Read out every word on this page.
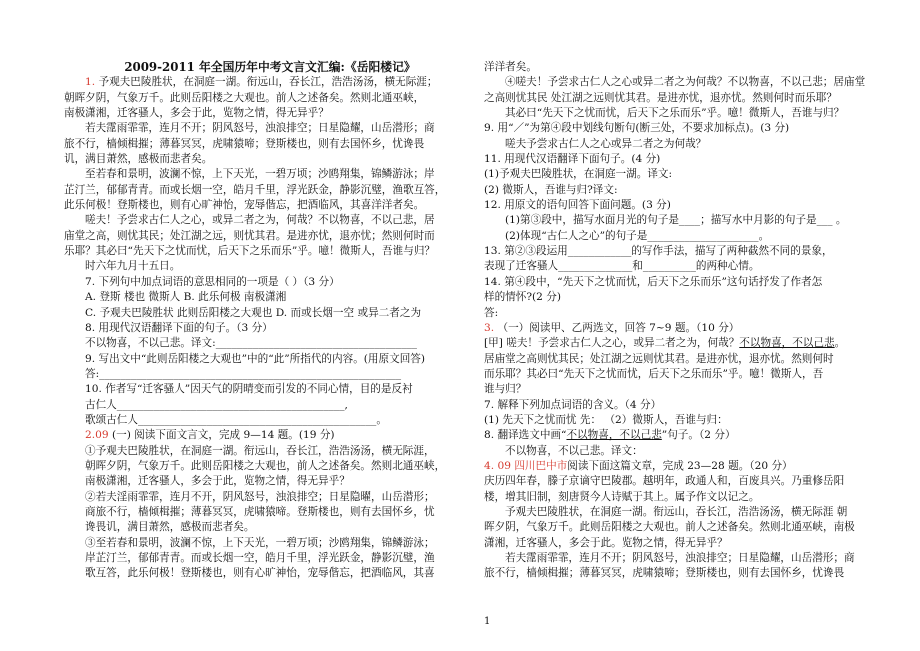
2009-2011 年全国历年中考文言文汇编:《岳阳楼记》
1. 予观夫巴陵胜状，在洞庭一湖。衔远山，吞长江，浩浩汤汤，横无际涯；
朝晖夕阴，气象万千。此则岳阳楼之大观也。前人之述备矣。然则北通巫峡，
南极潇湘，迁客骚人，多会于此，览物之情，得无异乎？
若夫霪雨霏霏，连月不开；阴风怒号，浊浪排空；日星隐耀，山岳潜形；商
旅不行，樯倾楫摧；薄暮冥冥，虎啸猿啼；登斯楼也，则有去国怀乡，忧谗畏
讥，满目萧然，感极而悲者矣。
至若春和景明，波澜不惊，上下天光，一碧万顷；沙鸥翔集，锦鳞游泳；岸
芷汀兰，郁郁青青。而或长烟一空，皓月千里，浮光跃金，静影沉璧，渔歌互答，
此乐何极！登斯楼也，则有心旷神怡，宠辱偕忘，把酒临风，其喜洋洋者矣。
嗟夫！予尝求古仁人之心，或异二者之为，何哉？不以物喜，不以己悲，居
庙堂之高，则忧其民；处江湖之远，则忧其君。是进亦忧，退亦忧；然则何时而
乐耶？其必曰“先天下之忧而忧，后天下之乐而乐”乎。噫！微斯人，吾谁与归？
时六年九月十五日。
7. 下列句中加点词语的意思相同的一项是（ ）（3 分）
A. 登斯 楼也 微斯人 B. 此乐何极 南极潇湘
C. 予观夫巴陵胜状 此则岳阳楼之大观也 D. 而或长烟一空 或异二者之为
8. 用现代汉语翻译下面的句子。（3 分）
不以物喜，不以己悲。译文:______________________________________
9. 写出文中“此则岳阳楼之大观也”中的“此”所指代的内容。(用原文回答)
答:_________________________________________________________
10. 作者写“迁客骚人”因天气的阴晴变而引发的不同心情，目的是反衬
古仁人___________________________________________,
歌颂古仁人_____________________________________________。
2.09 (一) 阅读下面文言文，完成 9—14 题。(19 分)
①予观夫巴陵胜状，在洞庭一湖。衔远山，吞长江，浩浩汤汤，横无际涯，
朝晖夕阴，气象万千。此则岳阳楼之大观也，前人之述备矣。然则北通巫峡，
南极潇湘，迁客骚人，多会于此，览物之情，得无异乎？
②若夫淫雨霏霏，连月不开，阴风怒号，浊浪排空；日星隐曜，山岳潜形；
商旅不行，樯倾楫摧；薄暮冥冥，虎啸猿啼。登斯楼也，则有去国怀乡，忧
谗畏讥，满目萧然，感极而悲者矣。
③至若春和景明，波澜不惊，上下天光，一碧万顷；沙鸥翔集，锦鳞游泳；
岸芷汀兰，郁郁青青。而或长烟一空，皓月千里，浮光跃金，静影沉璧，渔
歌互答，此乐何极！登斯楼也，则有心旷神怡，宠辱偕忘，把酒临风，其喜
洋洋者矣。
④嗟夫！予尝求古仁人之心或异二者之为何哉？不以物喜，不以己悲；居庙堂
之高则忧其民 处江湖之远则忧其君。是进亦忧，退亦忧。然则何时而乐耶？
其必曰“先天下之忧而忧，后天下之乐而乐”乎。噫！微斯人，吾谁与归？
9. 用“／”为第④段中划线句断句(断三处，不要求加标点)。(3 分)
嗟夫予尝求古仁人之心或异二者之为何哉？
11. 用现代汉语翻译下面句子。(4 分)
(1)予观夫巴陵胜状，在洞庭一湖。译文:
(2) 微斯人，吾谁与归?译文:
12. 用原文的语句回答下面问题。(3 分)
(1)第③段中，描写水面月光的句子是____；描写水中月影的句子是___ 。
(2)体现“古仁人之心”的句子是_____________________。
13. 第②③段运用____________的写作手法，描写了两种截然不同的景象，
表现了迁客骚人______________和__________的两种心情。
14. 第④段中，“先天下之忧而忧，后天下之乐而乐”这句话抒发了作者怎
样的情怀?(2 分)
答:
3. （一）阅读甲、乙两选文，回答 7~9 题。（10 分）
[甲] 嗟夫！予尝求古仁人之心，或异二者之为，何哉？不以物喜，不以己悲。
居庙堂之高则忧其民；处江湖之远则忧其君。是进亦忧，退亦忧。然则何时
而乐耶？其必曰“先天下之忧而忧，后天下之乐而乐”乎。噫！微斯人，吾
谁与归？
7. 解释下列加点词语的含义。（4 分）
(1) 先天下之忧而忧 先： （2）微斯人，吾谁与归：
8. 翻译选文中画“不以物喜，不以己悲”句子。（2 分）
不以物喜，不以己悲。译文：
4. 09 四川巴中市阅读下面这篇文章，完成 23—28 题。（20 分）
庆历四年春，滕子京谪守巴陵郡。越明年，政通人和，百废具兴。乃重修岳阳
楼，增其旧制，刻唐贤今人诗赋于其上。属予作文以记之。
予观夫巴陵胜状，在洞庭一湖。衔远山，吞长江，浩浩汤汤，横无际涯 朝
晖夕阴，气象万千。此则岳阳楼之大观也。前人之述备矣。然则北通巫峡，南极
潇湘，迁客骚人，多会于此。览物之情，得无异乎？
若夫霪雨霏霏，连月不开；阴风怒号，浊浪排空；日星隐耀，山岳潜形；商
旅不行，樯倾楫摧；薄暮冥冥，虎啸猿啼；登斯楼也，则有去国怀乡，忧谗畏
1
